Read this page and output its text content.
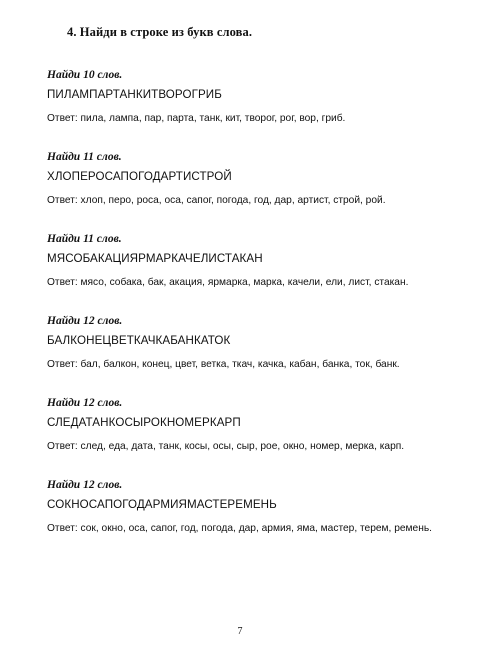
4. Найди в строке из букв слова.
Найди 10 слов.
ПИЛАМПАРТАНКИТВОРОГРИБ
Ответ: пила, лампа, пар, парта, танк, кит, творог, рог, вор, гриб.
Найди 11 слов.
ХЛОПЕРОСАПОГОДАРТИСТРОЙ
Ответ: хлоп, перо, роса, оса, сапог, погода, год, дар, артист, строй, рой.
Найди 11 слов.
МЯСОБАКАЦИЯРМАРКАЧЕЛИСТАКАН
Ответ: мясо, собака, бак, акация, ярмарка, марка, качели, ели, лист, стакан.
Найди 12 слов.
БАЛКОНЕЦВЕТКАЧКАБАНКАТОК
Ответ: бал, балкон, конец, цвет, ветка, ткач, качка, кабан, банка, ток, банк.
Найди 12 слов.
СЛЕДАТАНКОСЫРОКНОМЕРКАРП
Ответ: след, еда, дата, танк, косы, осы, сыр, рое, окно, номер, мерка, карп.
Найди 12 слов.
СОКНОСАПОГОДАРМИЯМАСТЕРЕМЕНЬ
Ответ: сок, окно, оса, сапог, год, погода, дар, армия, яма, мастер, терем, ремень.
7
